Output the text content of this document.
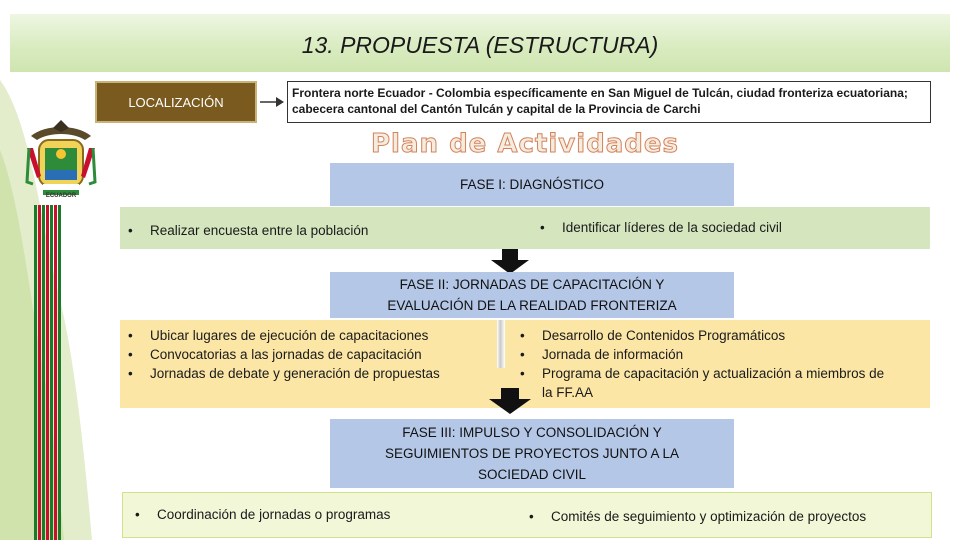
13. PROPUESTA (ESTRUCTURA)
ECUADOR
LOCALIZACIÓN
Frontera norte Ecuador - Colombia específicamente en San Miguel de Tulcán, ciudad fronteriza ecuatoriana; cabecera cantonal del Cantón Tulcán y capital de la Provincia de Carchi
Plan de Actividades
FASE I: DIAGNÓSTICO
• Realizar encuesta entre la población	• Identificar líderes de la sociedad civil
FASE II: JORNADAS DE CAPACITACIÓN Y EVALUACIÓN DE LA REALIDAD FRONTERIZA
• Ubicar lugares de ejecución de capacitaciones
• Convocatorias a las jornadas de capacitación
• Jornadas de debate y generación de propuestas
• Desarrollo de Contenidos Programáticos
• Jornada de información
• Programa de capacitación y actualización a miembros de
la FF.AA
FASE III: IMPULSO Y CONSOLIDACIÓN Y SEGUIMIENTOS DE PROYECTOS JUNTO A LA SOCIEDAD CIVIL
• Coordinación de jornadas o programas	• Comités de seguimiento y optimización de proyectos
